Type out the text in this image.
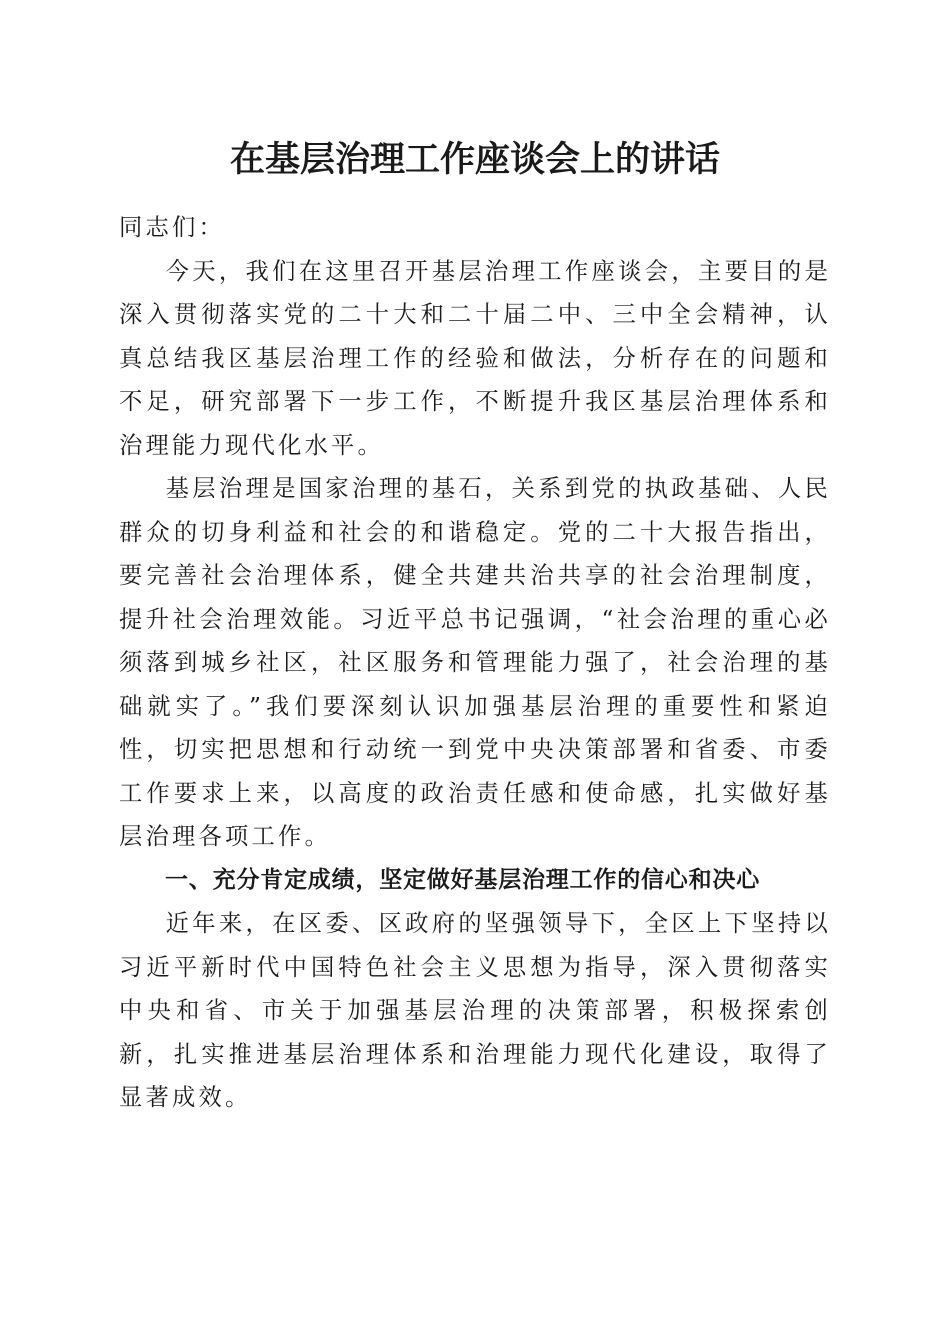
在基层治理工作座谈会上的讲话

同志们：

今天，我们在这里召开基层治理工作座谈会，主要目的是深入贯彻落实党的二十大和二十届二中、三中全会精神，认真总结我区基层治理工作的经验和做法，分析存在的问题和不足，研究部署下一步工作，不断提升我区基层治理体系和治理能力现代化水平。

基层治理是国家治理的基石，关系到党的执政基础、人民群众的切身利益和社会的和谐稳定。党的二十大报告指出，要完善社会治理体系，健全共建共治共享的社会治理制度，提升社会治理效能。习近平总书记强调，“社会治理的重心必须落到城乡社区，社区服务和管理能力强了，社会治理的基础就实了。”我们要深刻认识加强基层治理的重要性和紧迫性，切实把思想和行动统一到党中央决策部署和省委、市委工作要求上来，以高度的政治责任感和使命感，扎实做好基层治理各项工作。

一、充分肯定成绩，坚定做好基层治理工作的信心和决心

近年来，在区委、区政府的坚强领导下，全区上下坚持以习近平新时代中国特色社会主义思想为指导，深入贯彻落实中央和省、市关于加强基层治理的决策部署，积极探索创新，扎实推进基层治理体系和治理能力现代化建设，取得了显著成效。
